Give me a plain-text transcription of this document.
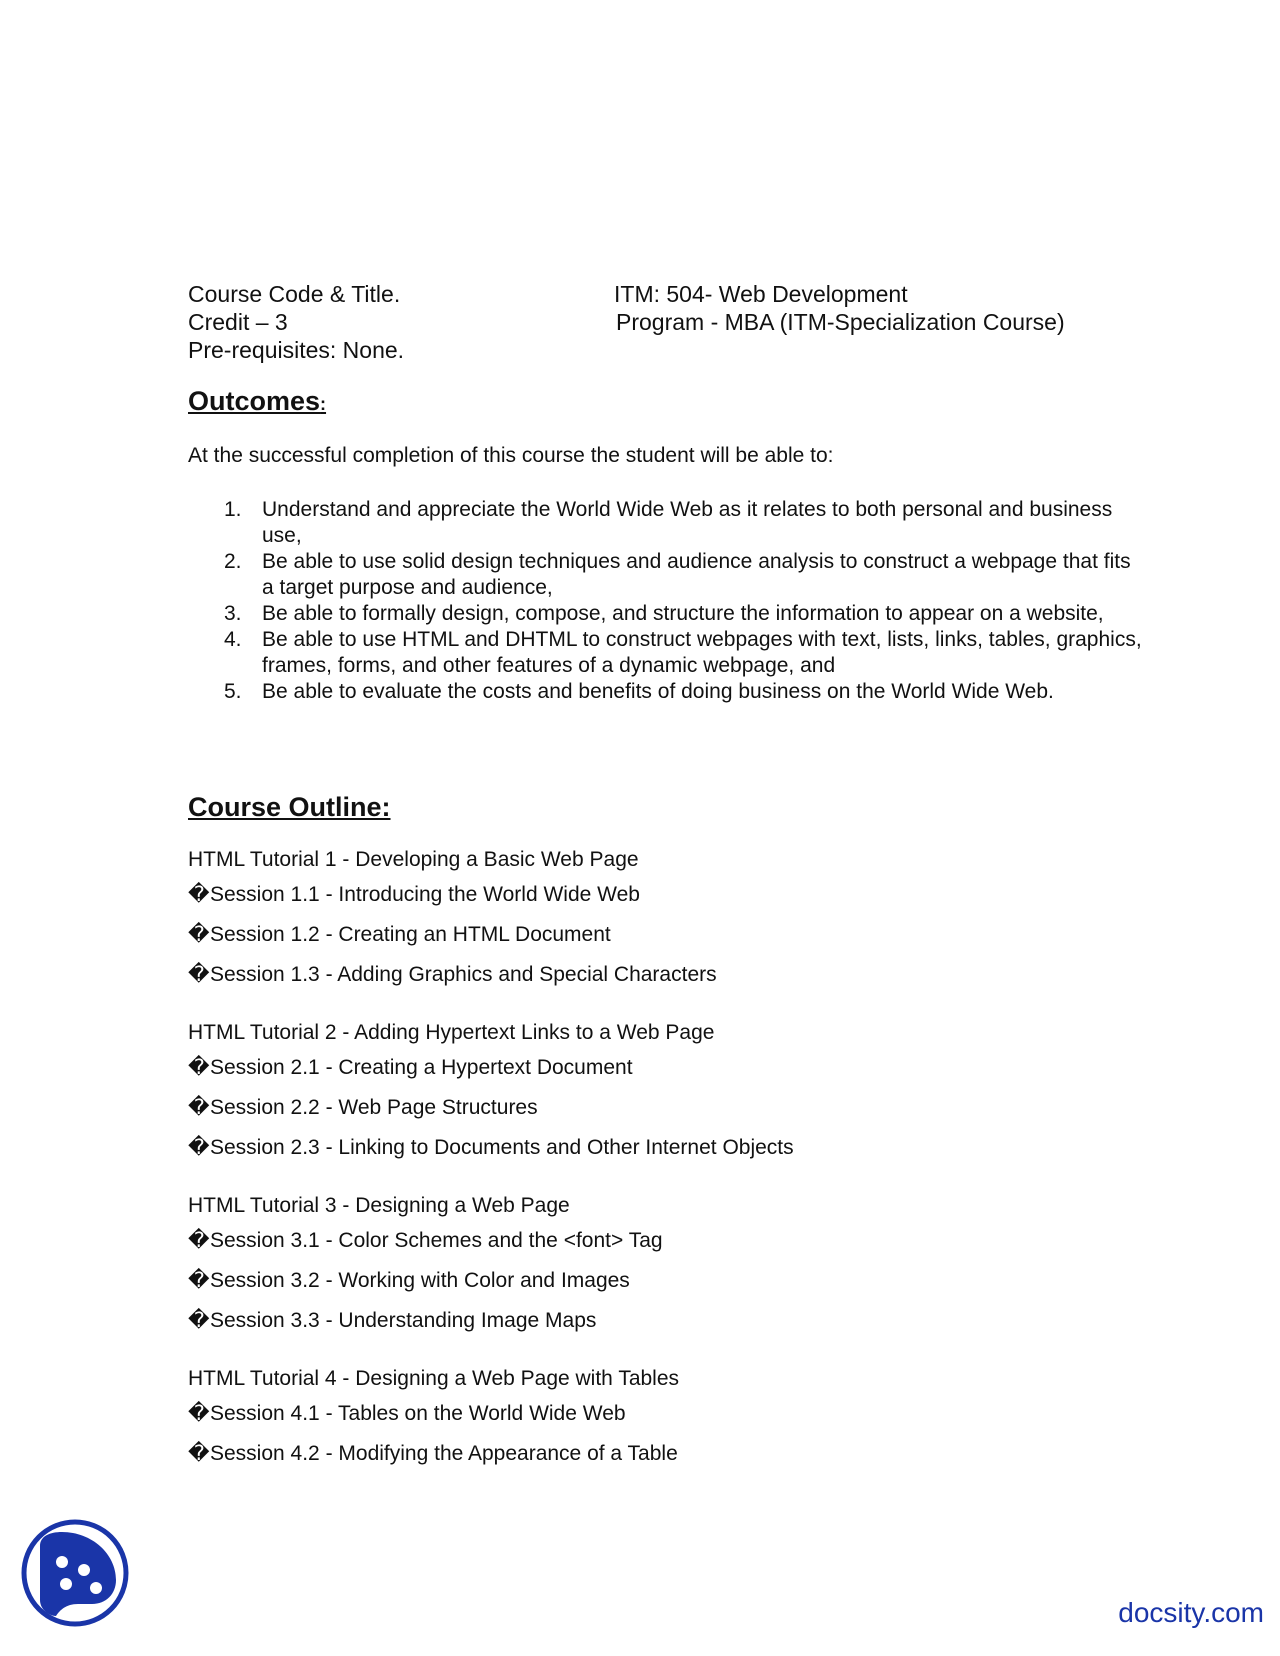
Course Code & Title.	ITM: 504- Web Development
Credit – 3	Program - MBA (ITM-Specialization Course)
Pre-requisites: None.
Outcomes:
At the successful completion of this course the student will be able to:
1. Understand and appreciate the World Wide Web as it relates to both personal and business use,
2. Be able to use solid design techniques and audience analysis to construct a webpage that fits a target purpose and audience,
3. Be able to formally design, compose, and structure the information to appear on a website,
4. Be able to use HTML and DHTML to construct webpages with text, lists, links, tables, graphics, frames, forms, and other features of a dynamic webpage, and
5. Be able to evaluate the costs and benefits of doing business on the World Wide Web.
Course Outline:
HTML Tutorial 1 - Developing a Basic Web Page
�Session 1.1 - Introducing the World Wide Web
�Session 1.2 - Creating an HTML Document
�Session 1.3 - Adding Graphics and Special Characters
HTML Tutorial 2 - Adding Hypertext Links to a Web Page
�Session 2.1 - Creating a Hypertext Document
�Session 2.2 - Web Page Structures
�Session 2.3 - Linking to Documents and Other Internet Objects
HTML Tutorial 3 - Designing a Web Page
�Session 3.1 - Color Schemes and the <font> Tag
�Session 3.2 - Working with Color and Images
�Session 3.3 - Understanding Image Maps
HTML Tutorial 4 - Designing a Web Page with Tables
�Session 4.1 - Tables on the World Wide Web
�Session 4.2 - Modifying the Appearance of a Table
docsity.com
